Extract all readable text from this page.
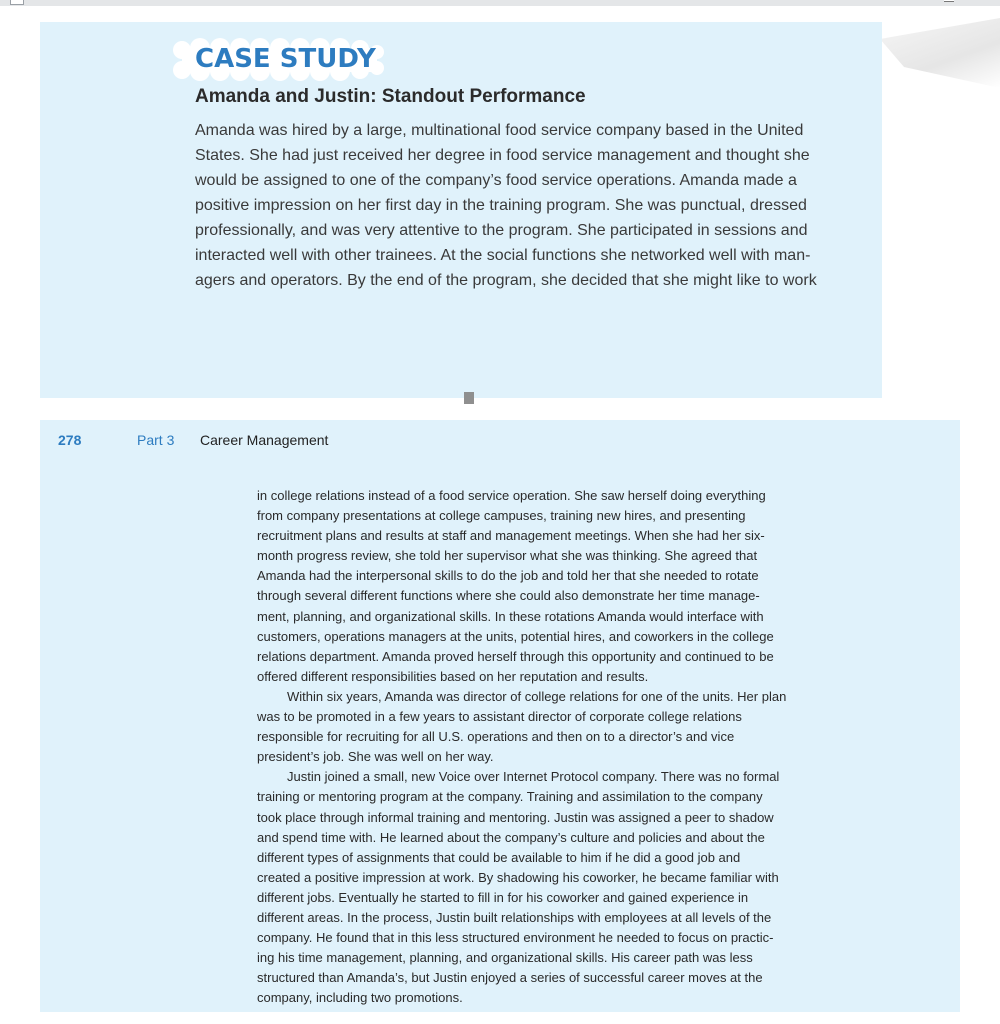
CASE STUDY
Amanda and Justin: Standout Performance
Amanda was hired by a large, multinational food service company based in the United
States. She had just received her degree in food service management and thought she
would be assigned to one of the company’s food service operations. Amanda made a
positive impression on her first day in the training program. She was punctual, dressed
professionally, and was very attentive to the program. She participated in sessions and
interacted well with other trainees. At the social functions she networked well with man-
agers and operators. By the end of the program, she decided that she might like to work
278	Part 3 Career Management
in college relations instead of a food service operation. She saw herself doing everything
from company presentations at college campuses, training new hires, and presenting
recruitment plans and results at staff and management meetings. When she had her six-
month progress review, she told her supervisor what she was thinking. She agreed that
Amanda had the interpersonal skills to do the job and told her that she needed to rotate
through several different functions where she could also demonstrate her time manage-
ment, planning, and organizational skills. In these rotations Amanda would interface with
customers, operations managers at the units, potential hires, and coworkers in the college
relations department. Amanda proved herself through this opportunity and continued to be
offered different responsibilities based on her reputation and results.
Within six years, Amanda was director of college relations for one of the units. Her plan
was to be promoted in a few years to assistant director of corporate college relations
responsible for recruiting for all U.S. operations and then on to a director’s and vice
president’s job. She was well on her way.
Justin joined a small, new Voice over Internet Protocol company. There was no formal
training or mentoring program at the company. Training and assimilation to the company
took place through informal training and mentoring. Justin was assigned a peer to shadow
and spend time with. He learned about the company’s culture and policies and about the
different types of assignments that could be available to him if he did a good job and
created a positive impression at work. By shadowing his coworker, he became familiar with
different jobs. Eventually he started to fill in for his coworker and gained experience in
different areas. In the process, Justin built relationships with employees at all levels of the
company. He found that in this less structured environment he needed to focus on practic-
ing his time management, planning, and organizational skills. His career path was less
structured than Amanda’s, but Justin enjoyed a series of successful career moves at the
company, including two promotions.
